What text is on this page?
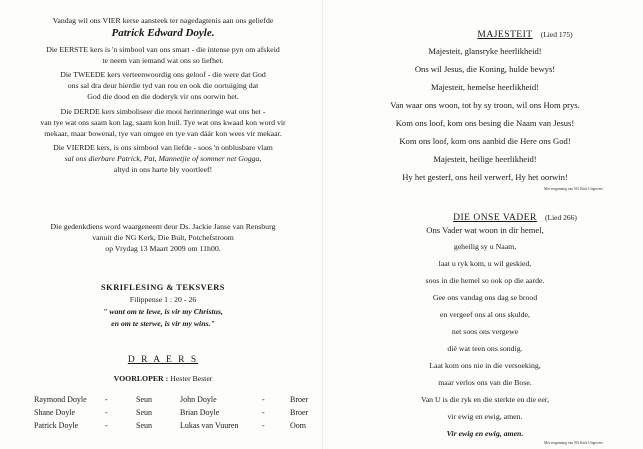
Vandag wil ons VIER kerse aansteek ter nagedagtenis aan ons geliefde
Patrick Edward Doyle.
Die EERSTE kers is 'n simbool van ons smart - die intense pyn om afskeid
te neem van iemand wat ons so liefhet.
Die TWEEDE kers verteenwoordig ons geloof - die were dat God
ons sal dra deur hierdie tyd van rou en ook die oortuiging dat
God die dood en die doderyk vir ons oorwin het.
Die DERDE kers simboliseer die mooi herinneringe wat ons het -
van tye wat ons saam kon lag, saam kon huil. Tye wat ons kwaad kon word vir
mekaar, maar bowenal, tye van omgee en tye van dáár kon wees vir mekaar.
Die VIERDE kers, is ons simbool van liefde - soos 'n onblusbare vlam
sal ons dierbare Patrick, Pat, Mannetjie of sommer net Gogga,
altyd in ons harte bly voortleef!
Die gedenkdiens word waargeneem deur Ds. Jackie Janse van Rensburg
vanuit die NG Kerk, Die Bult, Potchefstroom
op Vrydag 13 Maart 2009 om 11h00.
SKRIFLESING & TEKSVERS
Filippense 1 : 20 - 26
" want om te lewe, is vir my Christus,
en om te sterwe, is vir my wins."
D R A E R S
VOORLOPER : Hester Bester
Raymond Doyle -	Seun	John Doyle	-	Broer
Shane Doyle	-	Seun	Brian Doyle	-	Broer
Patrick Doyle	-	Seun	Lukas van Vuuren	-	Oom
MAJESTEIT (Lied 175)
Majesteit, glansryke heerlikheid!
Ons wil Jesus, die Koning, hulde bewys!
Majesteit, hemelse heerlikheid!
Van waar ons woon, tot by sy troon, wil ons Hom prys.
Kom ons loof, kom ons besing die Naam van Jesus!
Kom ons loof, kom ons aanbid die Here ons God!
Majesteit, heilige heerlikheid!
Hy het gesterf, ons heil verwerf, Hy het oorwin!
Met vergunning van NG Kerk Uitgewers
DIE ONSE VADER (Lied 266)
Ons Vader wat woon in dir hemel,
geheilig sy u Naam,
laat u ryk kom, u wil geskied,
soos in die hemel so ook op die aarde.
Gee ons vandag ons dag se brood
en vergeef ons al ons skulde,
net soos ons vergewe
dié wat teen ons sondig.
Laat kom ons nie in die versoeking,
maar verlos ons van die Bose.
Van U is die ryk en die sterkte en die eer,
vir ewig en ewig, amen.
Vir ewig en ewig, amen.
Met vergunning van NG Kerk Uitgewers
